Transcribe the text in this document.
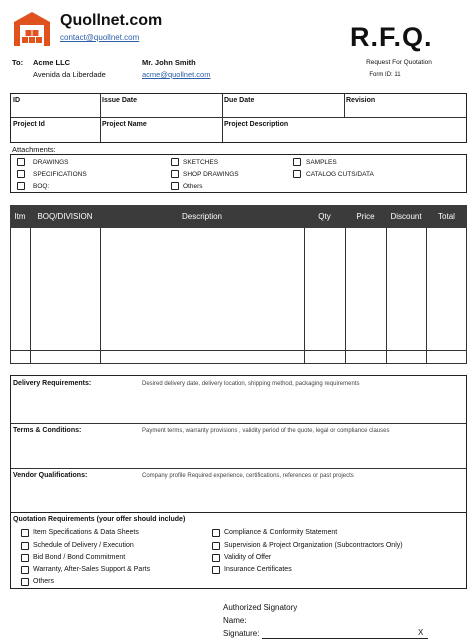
Quollnet.com
contact@quollnet.com	R.F.Q.
Request For Quotation
Form ID: 11
To: Acme LLC
Avenida da Liberdade
Mr. John Smith
acme@quollnet.com
ID	Issue Date	Due Date	Revision
Project Id	Project Name	Project Description
Attachments:
DRAWINGS	SKETCHES	SAMPLES
SPECIFICATIONS	SHOP DRAWINGS	CATALOG CUTS/DATA
BOQ:	Others
Itm	BOQ/DIVISION	Description	Qty	Price	Discount	Total
Delivery Requirements:	Desired delivery date, delivery location, shipping method, packaging requirements
Terms & Conditions:	Payment terms, warranty provisions , validity period of the quote, legal or compliance clauses
Vendor Qualifications:	Company profile Required experience, certifications, references or past projects
Quotation Requirements (your offer should include)
Item Specifications & Data Sheets
Schedule of Delivery / Execution
Bid Bond / Bond Commitment
Warranty, After-Sales Support & Parts
Others
Compliance & Conformity Statement
Supervision & Project Organization (Subcontractors Only)
Validity of Offer
Insurance Certificates
Authorized Signatory
Name:
Signature:	X
